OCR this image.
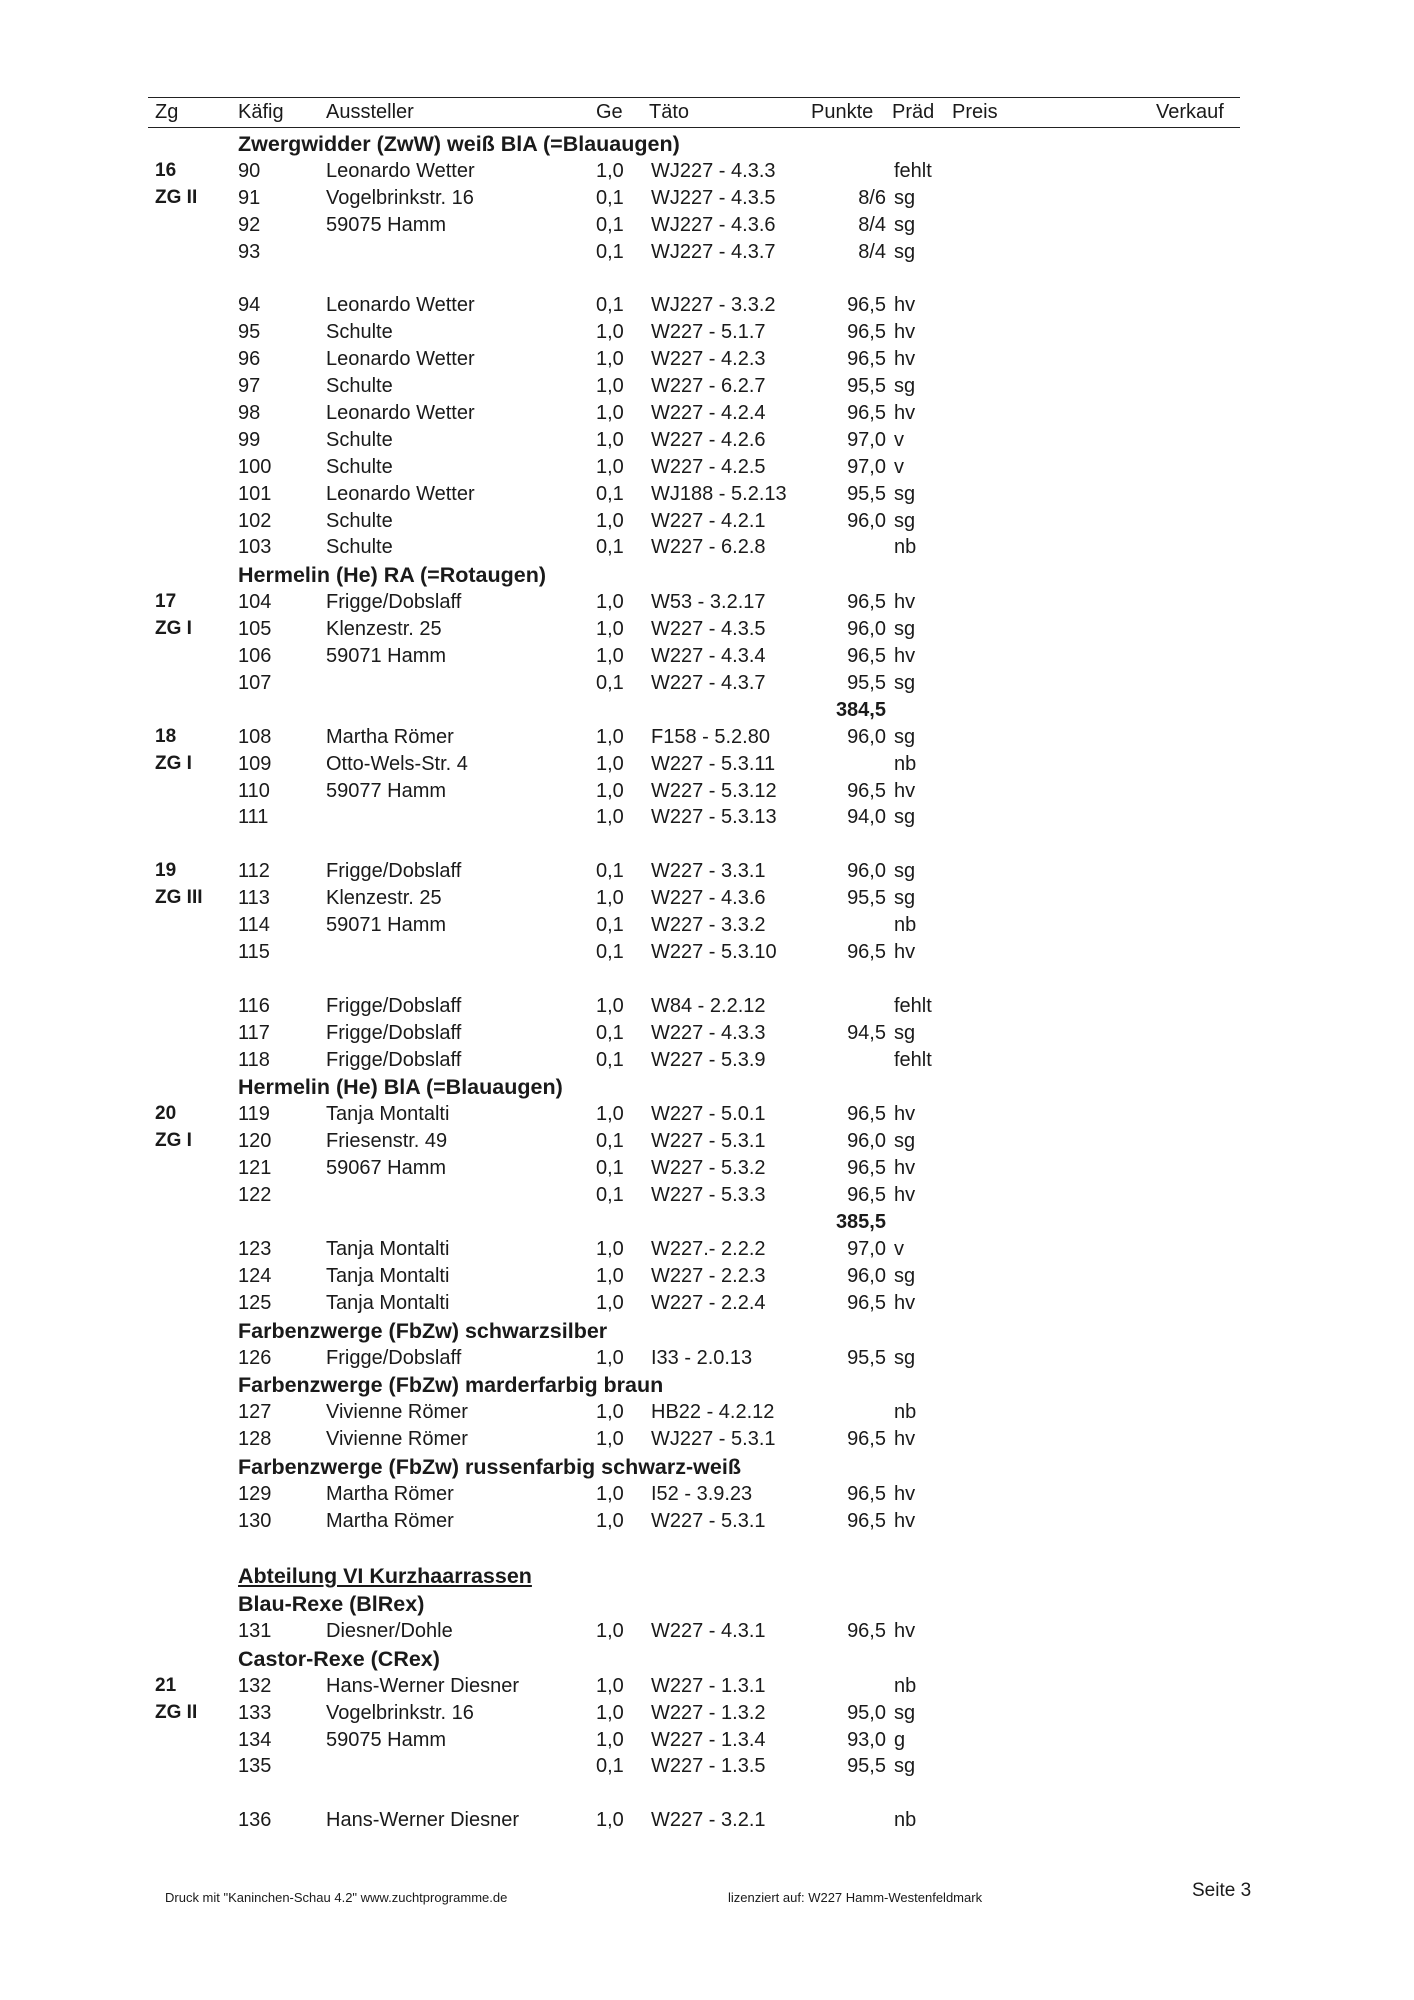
Zg	Käfig Aussteller	Ge Täto	Punkte Präd Preis	Verkauf
Zwergwidder (ZwW) weiß BlA (=Blauaugen)
16	90	Leonardo Wetter	1,0 WJ227 - 4.3.3	fehlt
ZG II	91	Vogelbrinkstr. 16	0,1 WJ227 - 4.3.5	8/6 sg
92	59075 Hamm	0,1 WJ227 - 4.3.6	8/4 sg
93	0,1 WJ227 - 4.3.7	8/4 sg
94	Leonardo Wetter	0,1 WJ227 - 3.3.2	96,5 hv
95	Schulte	1,0 W227 - 5.1.7	96,5 hv
96	Leonardo Wetter	1,0 W227 - 4.2.3	96,5 hv
97	Schulte	1,0 W227 - 6.2.7	95,5 sg
98	Leonardo Wetter	1,0 W227 - 4.2.4	96,5 hv
99	Schulte	1,0 W227 - 4.2.6	97,0 v
100	Schulte	1,0 W227 - 4.2.5	97,0 v
101	Leonardo Wetter	0,1 WJ188 - 5.2.13	95,5 sg
102	Schulte	1,0 W227 - 4.2.1	96,0 sg
103	Schulte	0,1 W227 - 6.2.8	nb
Hermelin (He) RA (=Rotaugen)
17	104	Frigge/Dobslaff	1,0 W53 - 3.2.17	96,5 hv
ZG I	105	Klenzestr. 25	1,0 W227 - 4.3.5	96,0 sg
106	59071 Hamm	1,0 W227 - 4.3.4	96,5 hv
107	0,1 W227 - 4.3.7	95,5 sg
384,5
18	108	Martha Römer	1,0 F158 - 5.2.80	96,0 sg
ZG I	109	Otto-Wels-Str. 4	1,0 W227 - 5.3.11	nb
110	59077 Hamm	1,0 W227 - 5.3.12	96,5 hv
111	1,0 W227 - 5.3.13	94,0 sg
19	112	Frigge/Dobslaff	0,1 W227 - 3.3.1	96,0 sg
ZG III	113	Klenzestr. 25	1,0 W227 - 4.3.6	95,5 sg
114	59071 Hamm	0,1 W227 - 3.3.2	nb
115	0,1 W227 - 5.3.10	96,5 hv
116	Frigge/Dobslaff	1,0 W84 - 2.2.12	fehlt
117	Frigge/Dobslaff	0,1 W227 - 4.3.3	94,5 sg
118	Frigge/Dobslaff	0,1 W227 - 5.3.9	fehlt
Hermelin (He) BlA (=Blauaugen)
20	119	Tanja Montalti	1,0 W227 - 5.0.1	96,5 hv
ZG I	120	Friesenstr. 49	0,1 W227 - 5.3.1	96,0 sg
121	59067 Hamm	0,1 W227 - 5.3.2	96,5 hv
122	0,1 W227 - 5.3.3	96,5 hv
385,5
123	Tanja Montalti	1,0 W227.- 2.2.2	97,0 v
124	Tanja Montalti	1,0 W227 - 2.2.3	96,0 sg
125	Tanja Montalti	1,0 W227 - 2.2.4	96,5 hv
Farbenzwerge (FbZw) schwarzsilber
126	Frigge/Dobslaff	1,0 I33 - 2.0.13	95,5 sg
Farbenzwerge (FbZw) marderfarbig braun
127	Vivienne Römer	1,0 HB22 - 4.2.12	nb
128	Vivienne Römer	1,0 WJ227 - 5.3.1	96,5 hv
Farbenzwerge (FbZw) russenfarbig schwarz-weiß
129	Martha Römer	1,0 I52 - 3.9.23	96,5 hv
130	Martha Römer	1,0 W227 - 5.3.1	96,5 hv
Abteilung VI Kurzhaarrassen
Blau-Rexe (BlRex)
131	Diesner/Dohle	1,0 W227 - 4.3.1	96,5 hv
Castor-Rexe (CRex)
21	132	Hans-Werner Diesner	1,0 W227 - 1.3.1	nb
ZG II	133	Vogelbrinkstr. 16	1,0 W227 - 1.3.2	95,0 sg
134	59075 Hamm	1,0 W227 - 1.3.4	93,0 g
135	0,1 W227 - 1.3.5	95,5 sg
136	Hans-Werner Diesner	1,0 W227 - 3.2.1	nb
Druck mit "Kaninchen-Schau 4.2" www.zuchtprogramme.de	lizenziert auf: W227 Hamm-Westenfeldmark	Seite 3
